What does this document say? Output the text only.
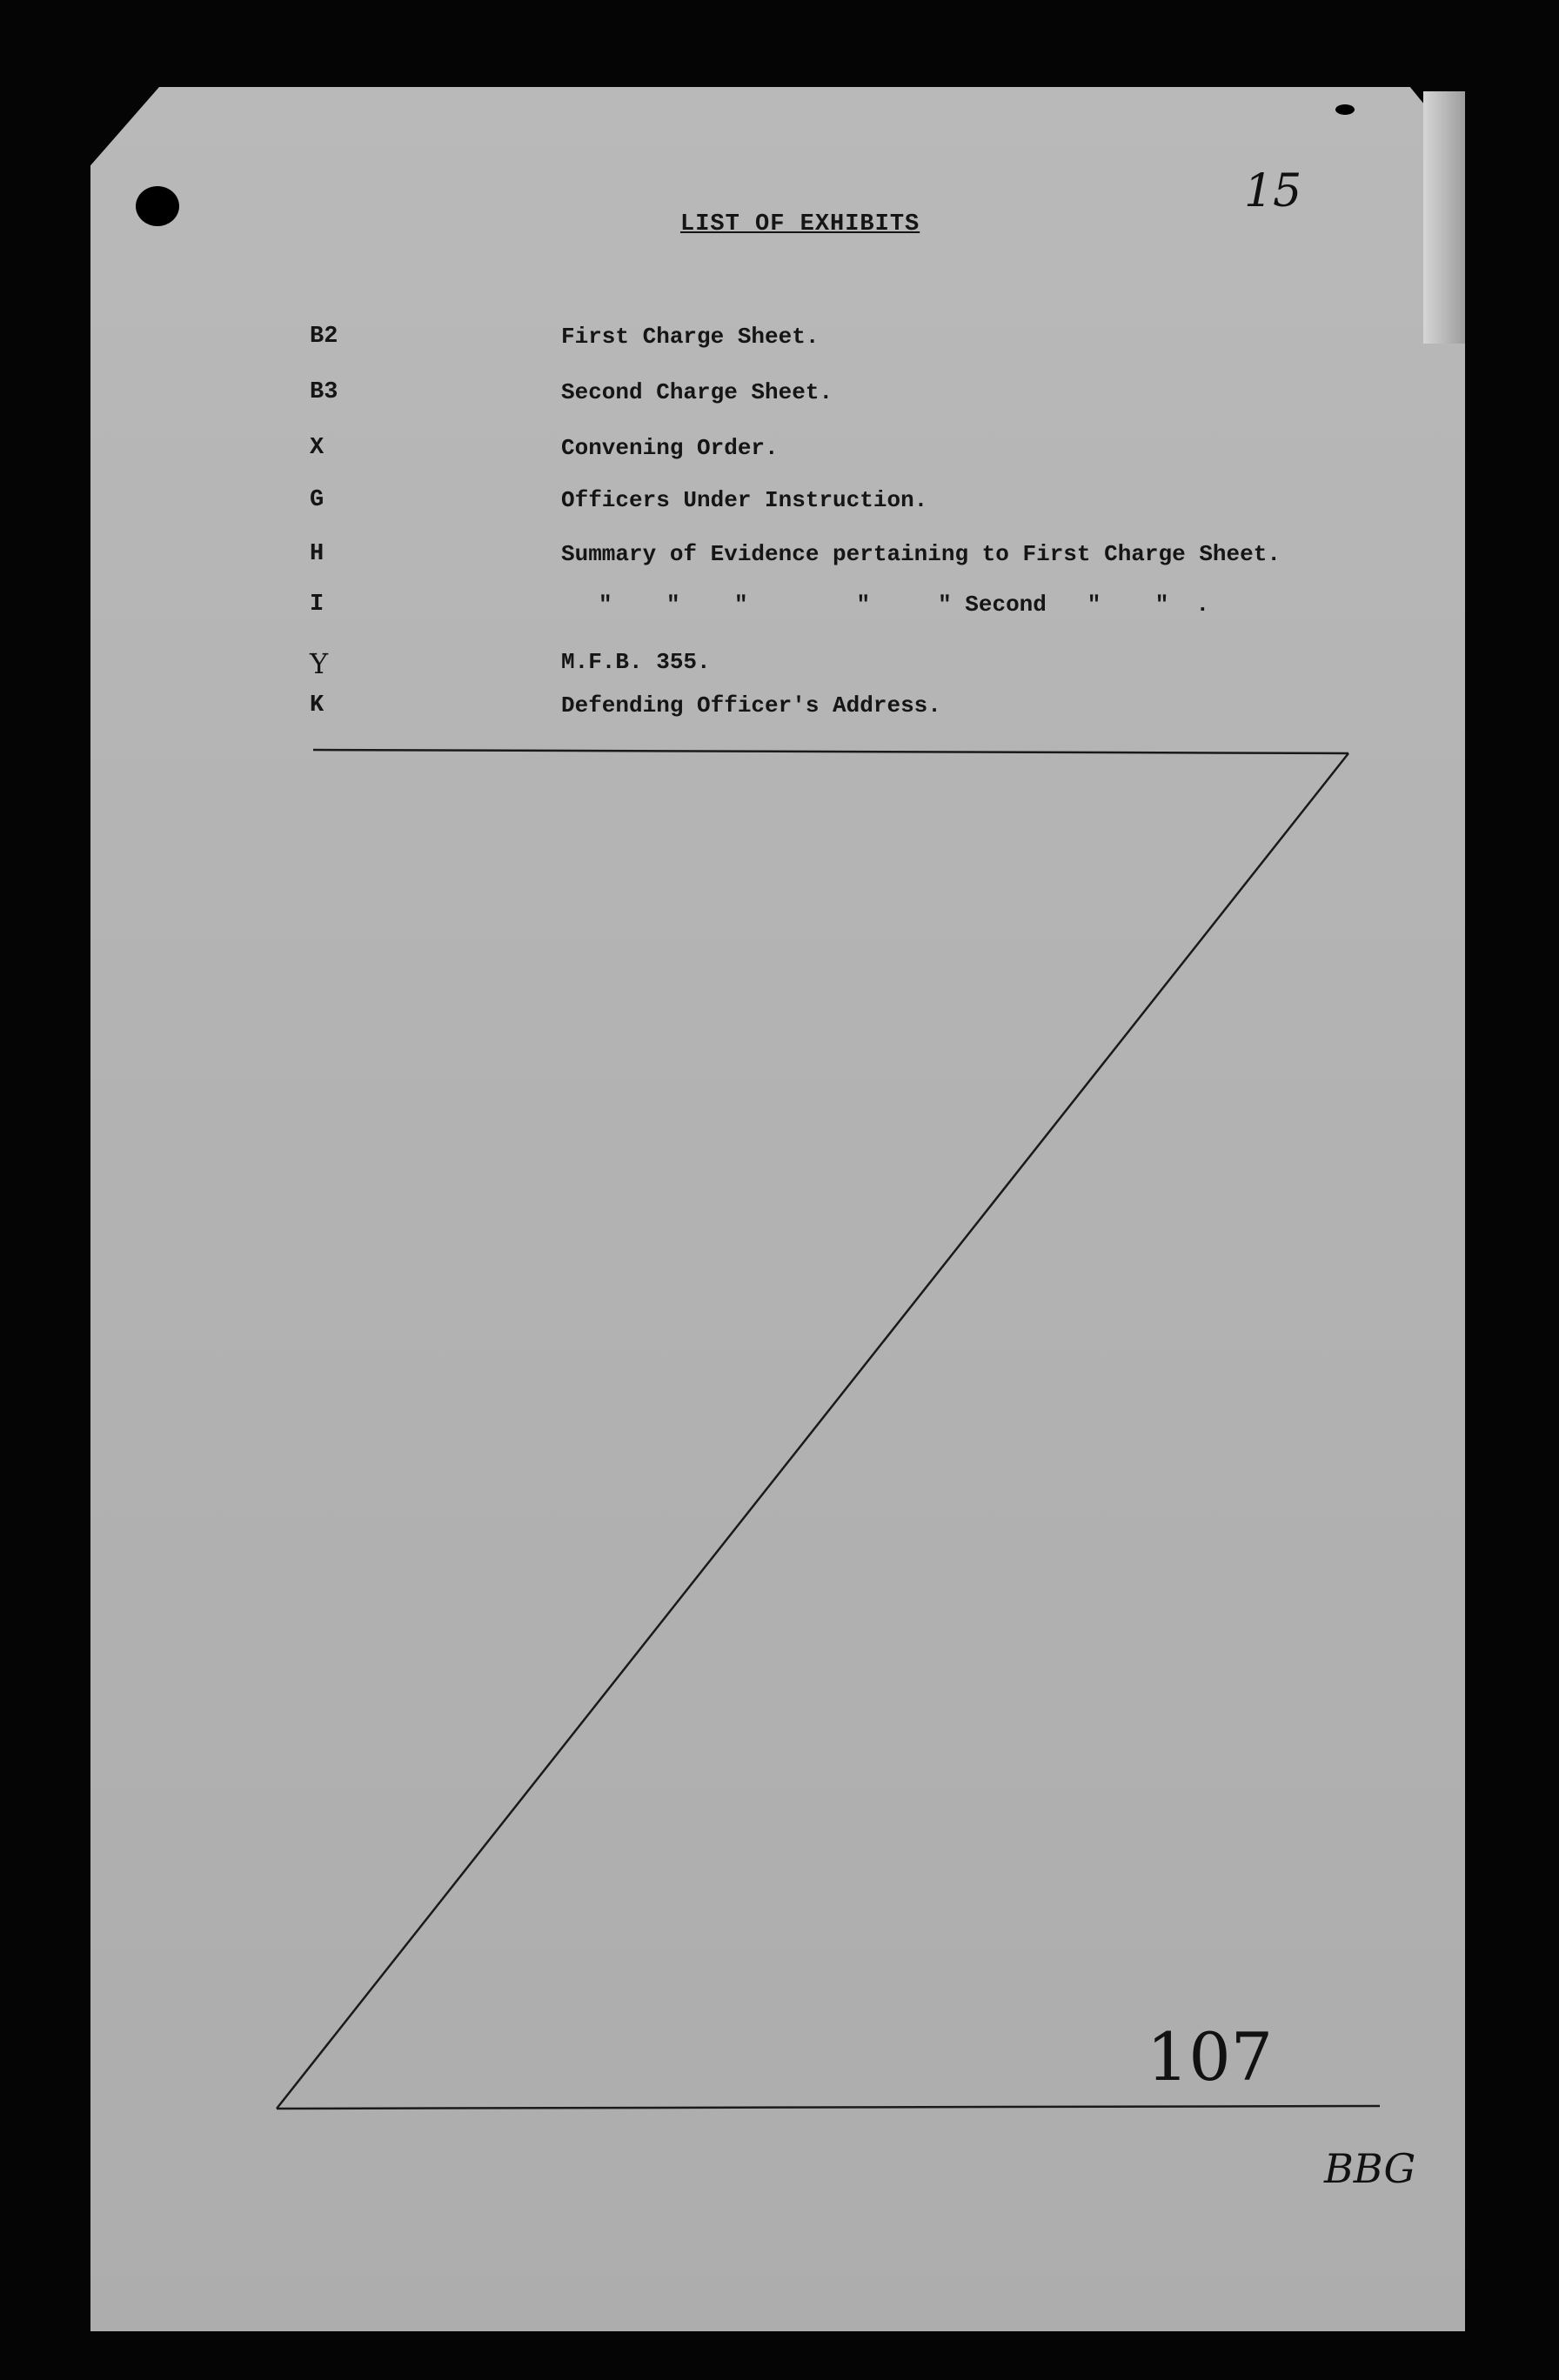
15
LIST OF EXHIBITS
B2	First Charge Sheet.
B3	Second Charge Sheet.
X	Convening Order.
G	Officers Under Instruction.
H	Summary of Evidence pertaining to First Charge Sheet.
I	"    "    "        "     " Second   "    "  .
Y	M.F.B. 355.
K	Defending Officer's Address.
107
BBG
